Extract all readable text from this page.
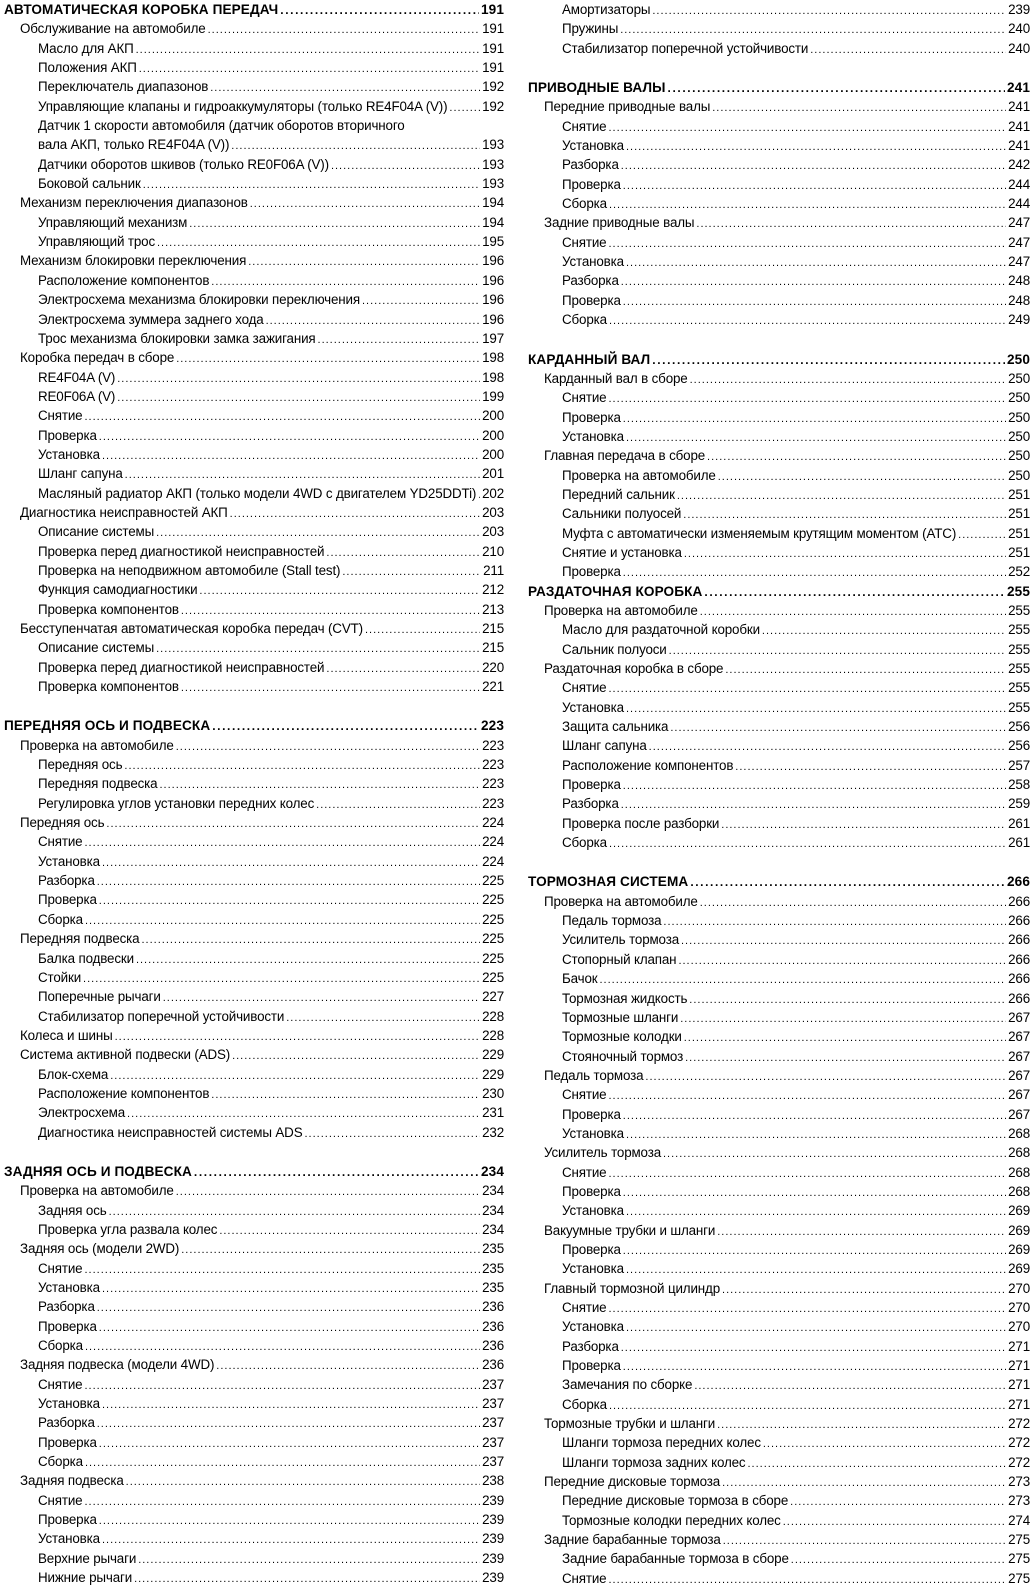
АВТОМАТИЧЕСКАЯ КОРОБКА ПЕРЕДАЧ .....	191
Обслуживание на автомобиле .....	191
Масло для АКП .....	191
Положения АКП .....	191
Переключатель диапазонов .....	192
Управляющие клапаны и гидроаккумуляторы (только RE4F04A (V)) .....	192
Датчик 1 скорости автомобиля (датчик оборотов вторичного
вала АКП, только RE4F04A (V)) .....	193
Датчики оборотов шкивов (только RE0F06A (V)) .....	193
Боковой сальник .....	193
Механизм переключения диапазонов .....	194
Управляющий механизм .....	194
Управляющий трос .....	195
Механизм блокировки переключения .....	196
Расположение компонентов .....	196
Электросхема механизма блокировки переключения .....	196
Электросхема зуммера заднего хода .....	196
Трос механизма блокировки замка зажигания .....	197
Коробка передач в сборе .....	198
RE4F04A (V) .....	198
RE0F06A (V) .....	199
Снятие .....	200
Проверка .....	200
Установка .....	200
Шланг сапуна .....	201
Масляный радиатор АКП (только модели 4WD с двигателем YD25DDTi) ..... 202
Диагностика неисправностей АКП .....	203
Описание системы .....	203
Проверка перед диагностикой неисправностей .....	210
Проверка на неподвижном автомобиле (Stall test) .....	211
Функция самодиагностики .....	212
Проверка компонентов .....	213
Бесступенчатая автоматическая коробка передач (CVT) .....	215
Описание системы .....	215
Проверка перед диагностикой неисправностей .....	220
Проверка компонентов .....	221
ПЕРЕДНЯЯ ОСЬ И ПОДВЕСКА .....	223
Проверка на автомобиле .....	223
Передняя ось .....	223
Передняя подвеска .....	223
Регулировка углов установки передних колес .....	223
Передняя ось .....	224
Снятие .....	224
Установка .....	224
Разборка .....	225
Проверка .....	225
Сборка .....	225
Передняя подвеска .....	225
Балка подвески .....	225
Стойки .....	225
Поперечные рычаги .....	227
Стабилизатор поперечной устойчивости .....	228
Колеса и шины .....	228
Система активной подвески (ADS) .....	229
Блок-схема .....	229
Расположение компонентов .....	230
Электросхема .....	231
Диагностика неисправностей системы ADS .....	232
ЗАДНЯЯ ОСЬ И ПОДВЕСКА .....	234
Проверка на автомобиле .....	234
Задняя ось .....	234
Проверка угла развала колес .....	234
Задняя ось (модели 2WD) .....	235
Снятие .....	235
Установка .....	235
Разборка .....	236
Проверка .....	236
Сборка .....	236
Задняя подвеска (модели 4WD) .....	236
Снятие .....	237
Установка .....	237
Разборка .....	237
Проверка .....	237
Сборка .....	237
Задняя подвеска .....	238
Снятие .....	239
Проверка .....	239
Установка .....	239
Верхние рычаги .....	239
Нижние рычаги .....	239
Амортизаторы .....	239
Пружины .....	240
Стабилизатор поперечной устойчивости .....	240
ПРИВОДНЫЕ ВАЛЫ .....	241
Передние приводные валы .....	241
Снятие .....	241
Установка .....	241
Разборка .....	242
Проверка .....	244
Сборка .....	244
Задние приводные валы .....	247
Снятие .....	247
Установка .....	247
Разборка .....	248
Проверка .....	248
Сборка .....	249
КАРДАННЫЙ ВАЛ .....	250
Карданный вал в сборе .....	250
Снятие .....	250
Проверка .....	250
Установка .....	250
Главная передача в сборе .....	250
Проверка на автомобиле .....	250
Передний сальник .....	251
Сальники полуосей .....	251
Муфта с автоматически изменяемым крутящим моментом (ATC) .....	251
Снятие и установка .....	251
Проверка .....	252
РАЗДАТОЧНАЯ КОРОБКА .....	255
Проверка на автомобиле .....	255
Масло для раздаточной коробки .....	255
Сальник полуоси .....	255
Раздаточная коробка в сборе .....	255
Снятие .....	255
Установка .....	255
Защита сальника .....	256
Шланг сапуна .....	256
Расположение компонентов .....	257
Проверка .....	258
Разборка .....	259
Проверка после разборки .....	261
Сборка .....	261
ТОРМОЗНАЯ СИСТЕМА .....	266
Проверка на автомобиле .....	266
Педаль тормоза .....	266
Усилитель тормоза .....	266
Стопорный клапан .....	266
Бачок .....	266
Тормозная жидкость .....	266
Тормозные шланги .....	267
Тормозные колодки .....	267
Стояночный тормоз .....	267
Педаль тормоза .....	267
Снятие .....	267
Проверка .....	267
Установка .....	268
Усилитель тормоза .....	268
Снятие .....	268
Проверка .....	268
Установка .....	269
Вакуумные трубки и шланги .....	269
Проверка .....	269
Установка .....	269
Главный тормозной цилиндр .....	270
Снятие .....	270
Установка .....	270
Разборка .....	271
Проверка .....	271
Замечания по сборке .....	271
Сборка .....	271
Тормозные трубки и шланги .....	272
Шланги тормоза передних колес .....	272
Шланги тормоза задних колес .....	272
Передние дисковые тормоза .....	273
Передние дисковые тормоза в сборе .....	273
Тормозные колодки передних колес .....	274
Задние барабанные тормоза .....	275
Задние барабанные тормоза в сборе .....	275
Снятие .....	275
